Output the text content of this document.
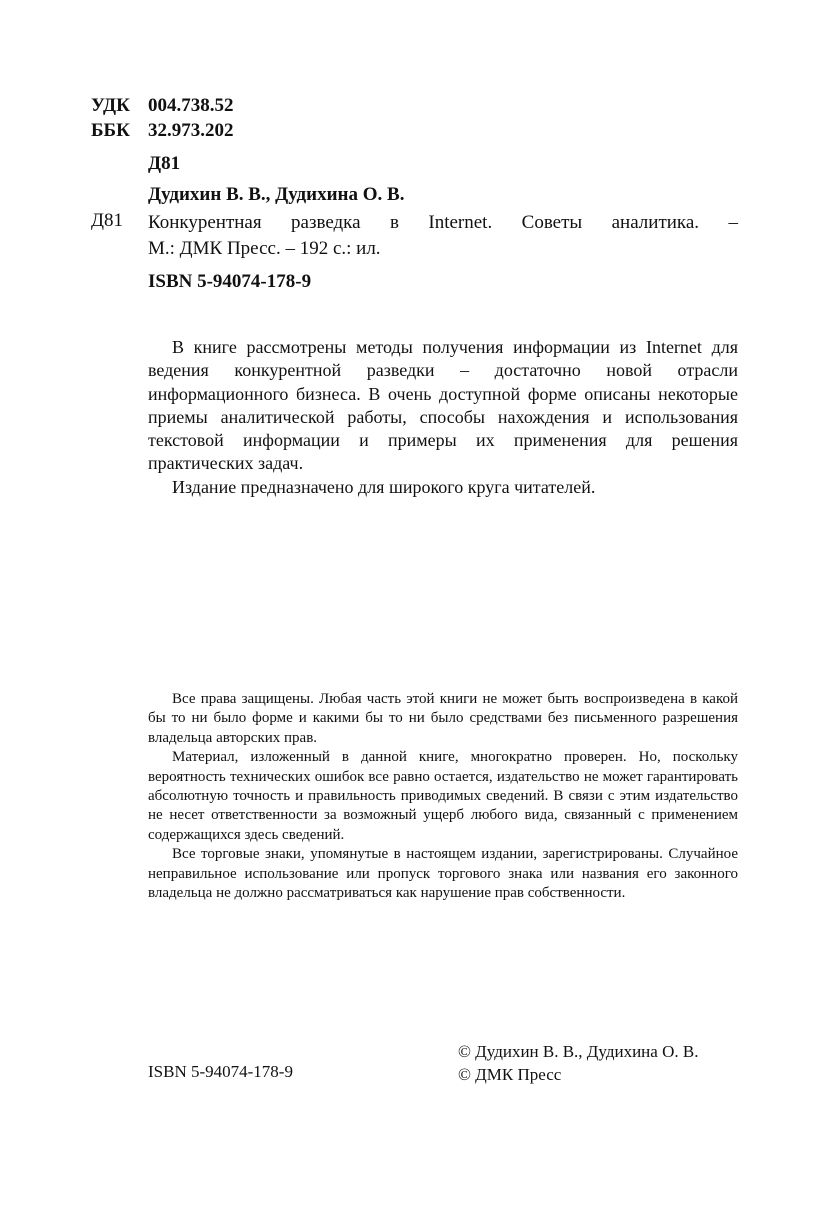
УДК 004.738.52
ББК 32.973.202
Д81
Дудихин В. В., Дудихина О. В.
Д81 Конкурентная разведка в Internet. Советы аналитика. –
М.: ДМК Пресс. – 192 с.: ил.
ISBN 5-94074-178-9

В книге рассмотрены методы получения информации из Internet для ведения конкурентной разведки – достаточно новой отрасли информационного бизнеса. В очень доступной форме описаны некоторые приемы аналитической работы, способы нахождения и использования текстовой информации и примеры их применения для решения практических задач.

Издание предназначено для широкого круга читателей.

Все права защищены. Любая часть этой книги не может быть воспроизведена в какой бы то ни было форме и какими бы то ни было средствами без письменного разрешения владельца авторских прав.

Материал, изложенный в данной книге, многократно проверен. Но, поскольку вероятность технических ошибок все равно остается, издательство не может гарантировать абсолютную точность и правильность приводимых сведений. В связи с этим издательство не несет ответственности за возможный ущерб любого вида, связанный с применением содержащихся здесь сведений.

Все торговые знаки, упомянутые в настоящем издании, зарегистрированы. Случайное неправильное использование или пропуск торгового знака или названия его законного владельца не должно рассматриваться как нарушение прав собственности.

ISBN 5-94074-178-9
© Дудихин В. В., Дудихина О. В.
© ДМК Пресс
